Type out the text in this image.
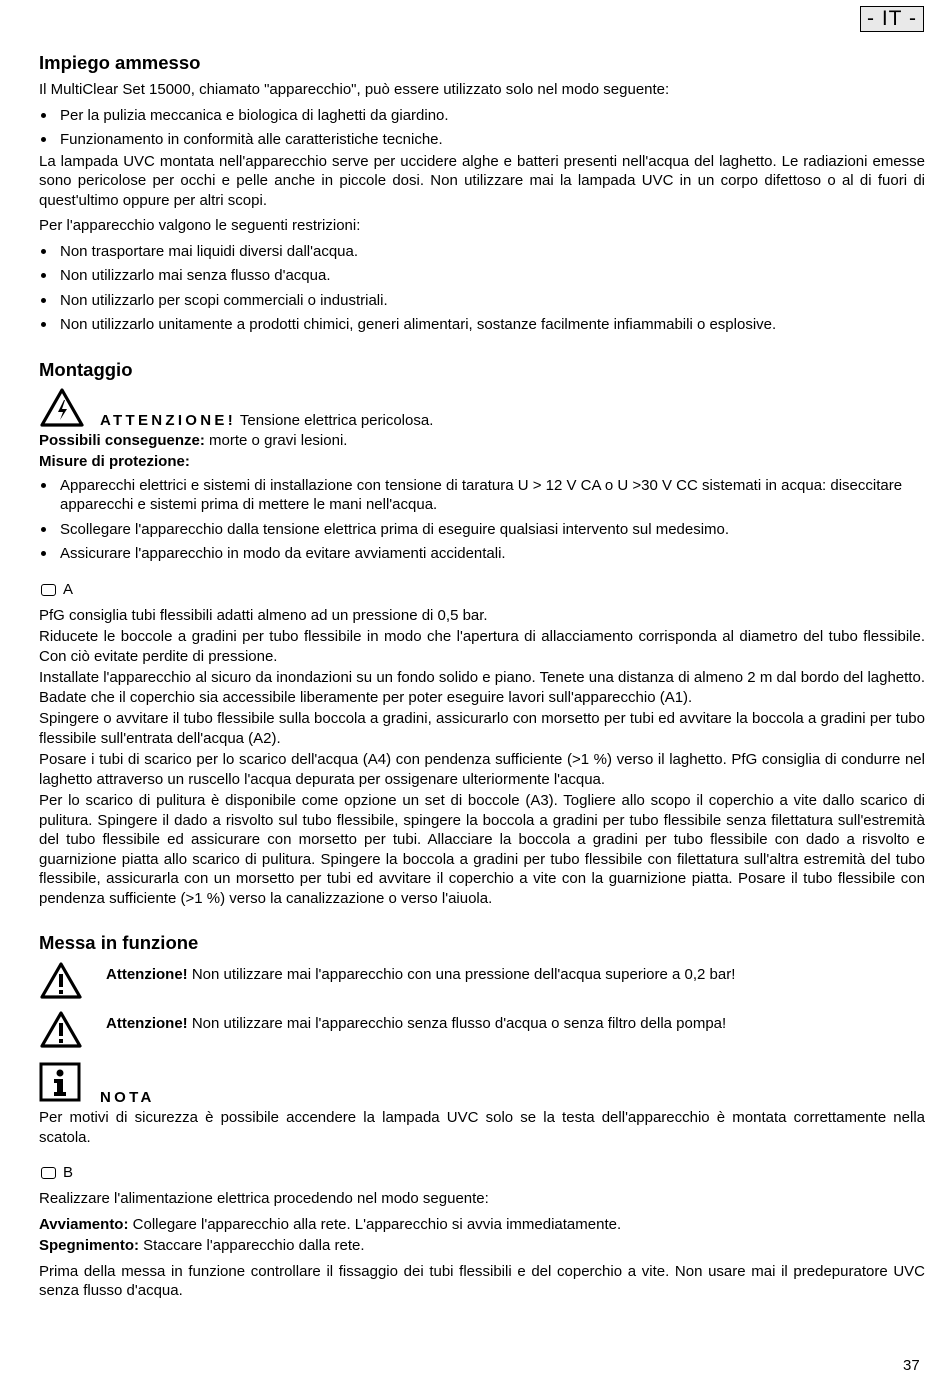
- IT -
Impiego ammesso

Il MultiClear Set 15000, chiamato "apparecchio", può essere utilizzato solo nel modo seguente:

Per la pulizia meccanica e biologica di laghetti da giardino.
Funzionamento in conformità alle caratteristiche tecniche.

La lampada UVC montata nell'apparecchio serve per uccidere alghe e batteri presenti nell'acqua del laghetto. Le radiazioni emesse sono pericolose per occhi e pelle anche in piccole dosi. Non utilizzare mai la lampada UVC in un corpo difettoso o al di fuori di quest'ultimo oppure per altri scopi.

Per l'apparecchio valgono le seguenti restrizioni:

Non trasportare mai liquidi diversi dall'acqua.
Non utilizzarlo mai senza flusso d'acqua.
Non utilizzarlo per scopi commerciali o industriali.
Non utilizzarlo unitamente a prodotti chimici, generi alimentari, sostanze facilmente infiammabili o esplosive.
Montaggio
ATTENZIONE! Tensione elettrica pericolosa.

Possibili conseguenze: morte o gravi lesioni.

Misure di protezione:

Apparecchi elettrici e sistemi di installazione con tensione di taratura U > 12 V CA o U >30 V CC sistemati in acqua: diseccitare apparecchi e sistemi prima di mettere le mani nell'acqua.
Scollegare l'apparecchio dalla tensione elettrica prima di eseguire qualsiasi intervento sul medesimo.
Assicurare l'apparecchio in modo da evitare avviamenti accidentali.
A

PfG consiglia tubi flessibili adatti almeno ad un pressione di 0,5 bar.

Riducete le boccole a gradini per tubo flessibile in modo che l'apertura di allacciamento corrisponda al diametro del tubo flessibile. Con ciò evitate perdite di pressione.

Installate l'apparecchio al sicuro da inondazioni su un fondo solido e piano. Tenete una distanza di almeno 2 m dal bordo del laghetto. Badate che il coperchio sia accessibile liberamente per poter eseguire lavori sull'apparecchio (A1).

Spingere o avvitare il tubo flessibile sulla boccola a gradini, assicurarlo con morsetto per tubi ed avvitare la boccola a gradini per tubo flessibile sull'entrata dell'acqua (A2).

Posare i tubi di scarico per lo scarico dell'acqua (A4) con pendenza sufficiente (>1 %) verso il laghetto. PfG consiglia di condurre nel laghetto attraverso un ruscello l'acqua depurata per ossigenare ulteriormente l'acqua.

Per lo scarico di pulitura è disponibile come opzione un set di boccole (A3). Togliere allo scopo il coperchio a vite dallo scarico di pulitura. Spingere il dado a risvolto sul tubo flessibile, spingere la boccola a gradini per tubo flessibile senza filettatura sull'estremità del tubo flessibile ed assicurare con morsetto per tubi. Allacciare la boccola a gradini per tubo flessibile con dado a risvolto e guarnizione piatta allo scarico di pulitura. Spingere la boccola a gradini per tubo flessibile con filettatura sull'altra estremità del tubo flessibile, assicurarla con un morsetto per tubi ed avvitare il coperchio a vite con la guarnizione piatta. Posare il tubo flessibile con pendenza sufficiente (>1 %) verso la canalizzazione o verso l'aiuola.

Messa in funzione
Attenzione! Non utilizzare mai l'apparecchio con una pressione dell'acqua superiore a 0,2 bar!
Attenzione! Non utilizzare mai l'apparecchio senza flusso d'acqua o senza filtro della pompa!
NOTA

Per motivi di sicurezza è possibile accendere la lampada UVC solo se la testa dell'apparecchio è montata correttamente nella scatola.

B

Realizzare l'alimentazione elettrica procedendo nel modo seguente:

Avviamento: Collegare l'apparecchio alla rete. L'apparecchio si avvia immediatamente.

Spegnimento: Staccare l'apparecchio dalla rete.

Prima della messa in funzione controllare il fissaggio dei tubi flessibili e del coperchio a vite. Non usare mai il predepuratore UVC senza flusso d'acqua.

37
